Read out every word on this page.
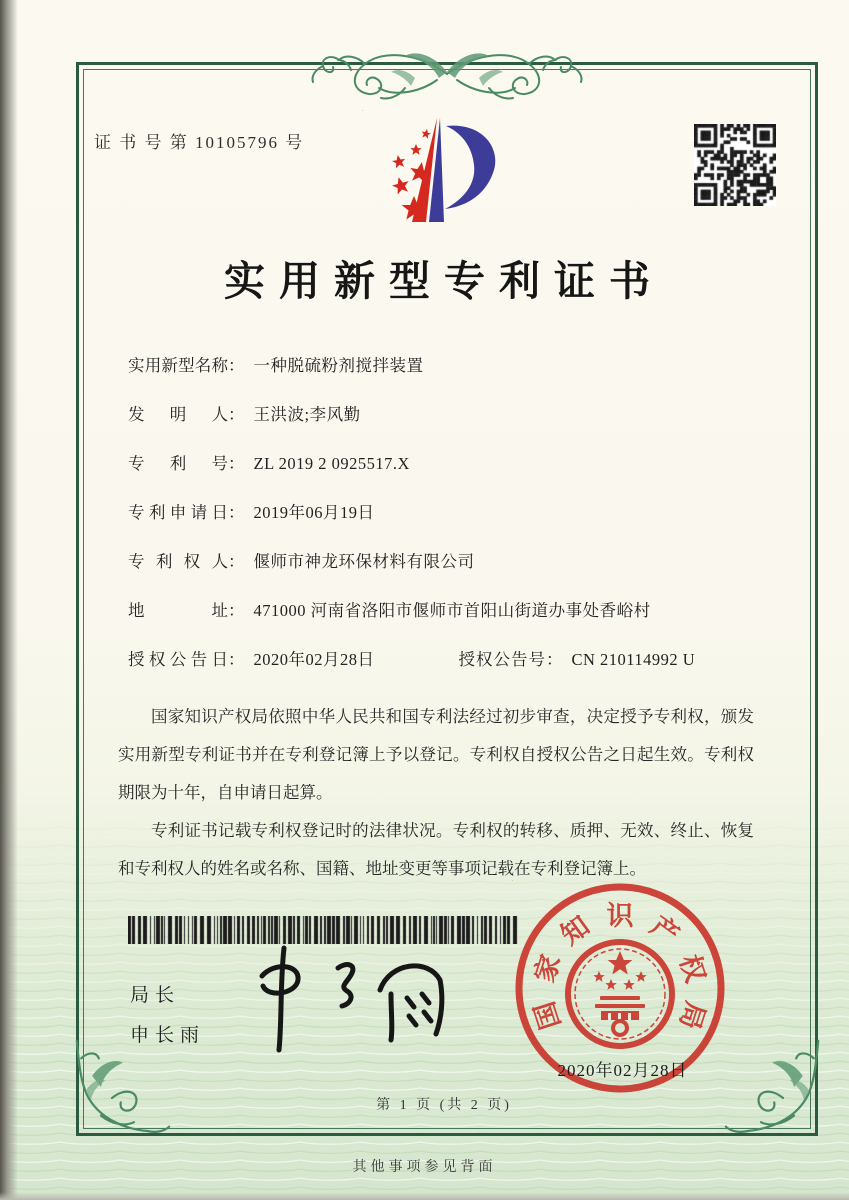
证 书 号 第 10105796 号
实用新型专利证书
实用新型名称： 一种脱硫粉剂搅拌装置
发明人： 王洪波;李风勤
专利号： ZL 2019 2 0925517.X
专利申请日： 2019年06月19日
专利权人： 偃师市神龙环保材料有限公司
地址： 471000 河南省洛阳市偃师市首阳山街道办事处香峪村
授权公告日： 2020年02月28日	授权公告号： CN 210114992 U

国家知识产权局依照中华人民共和国专利法经过初步审查，决定授予专利权，颁发实用新型专利证书并在专利登记簿上予以登记。专利权自授权公告之日起生效。专利权期限为十年，自申请日起算。

专利证书记载专利权登记时的法律状况。专利权的转移、质押、无效、终止、恢复和专利权人的姓名或名称、国籍、地址变更等事项记载在专利登记簿上。

局长
申长雨
国
家
知 识 产
权
局
2020年02月28日
第 1 页 (共 2 页)
其他事项参见背面
